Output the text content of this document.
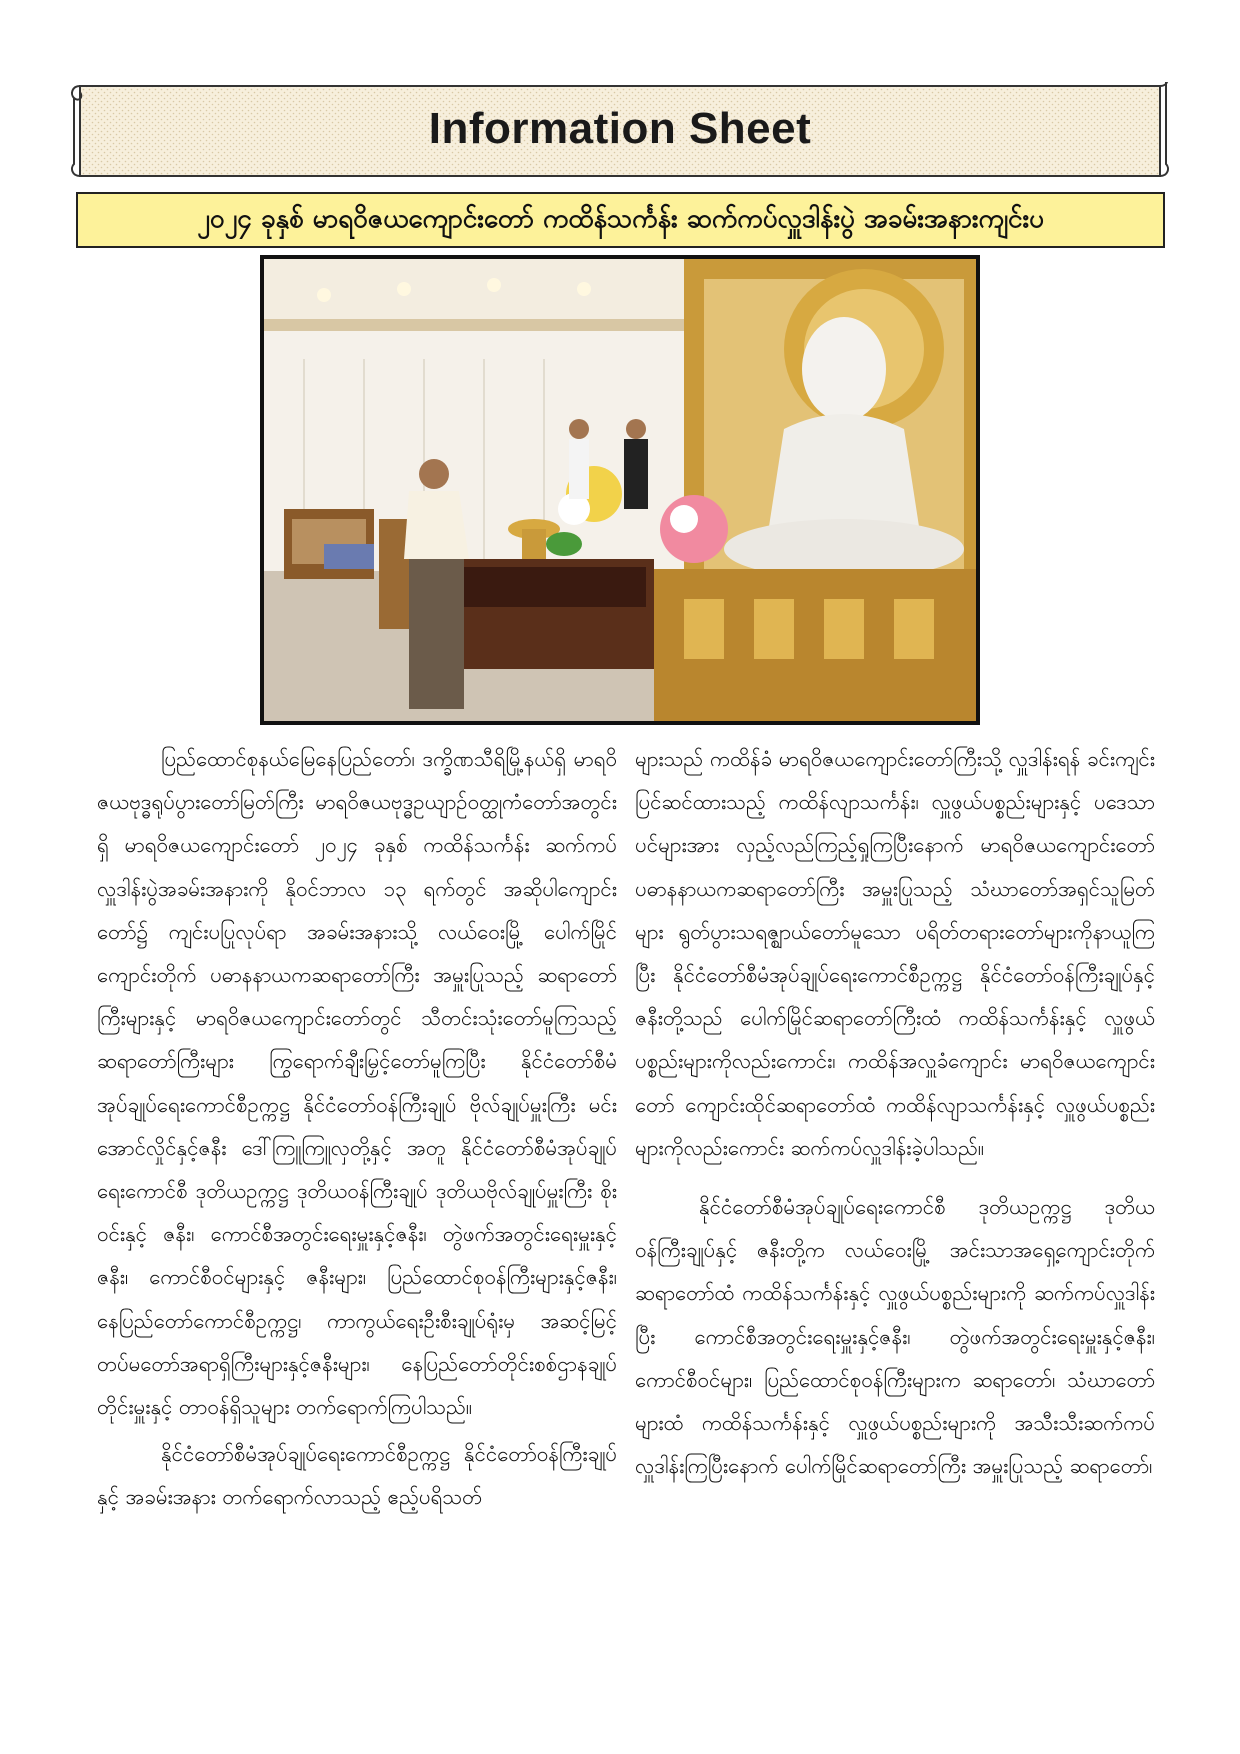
Information Sheet
၂၀၂၄ ခုနှစ် မာရဝိဇယကျောင်းတော် ကထိန်သင်္ကန်း ဆက်ကပ်လှူဒါန်းပွဲ အခမ်းအနားကျင်းပ

ပြည်ထောင်စုနယ်မြေနေပြည်တော်၊ ဒက္ခိဏသီရိမြို့နယ်ရှိ မာရဝိဇယဗုဒ္ဓရုပ်ပွားတော်မြတ်ကြီး မာရဝိဇယဗုဒ္ဓဥယျာဉ်ဝတ္ထုကံတော်အတွင်းရှိ မာရဝိဇယကျောင်းတော် ၂၀၂၄ ခုနှစ် ကထိန်သင်္ကန်း ဆက်ကပ်လှူဒါန်းပွဲအခမ်းအနားကို နိုဝင်ဘာလ ၁၃ ရက်တွင် အဆိုပါကျောင်းတော်၌ ကျင်းပပြုလုပ်ရာ အခမ်းအနားသို့ လယ်ဝေးမြို့ ပေါက်မြိုင်ကျောင်းတိုက် ပဓာနနာယကဆရာတော်ကြီး အမှူးပြုသည့် ဆရာတော်ကြီးများနှင့် မာရဝိဇယကျောင်းတော်တွင် သီတင်းသုံးတော်မူကြသည့် ဆရာတော်ကြီးများ ကြွရောက်ချီးမြှင့်တော်မူကြပြီး နိုင်ငံတော်စီမံအုပ်ချုပ်ရေးကောင်စီဥက္ကဋ္ဌ နိုင်ငံတော်ဝန်ကြီးချုပ် ဗိုလ်ချုပ်မှူးကြီး မင်းအောင်လှိုင်နှင့်ဇနီး ဒေါ်ကြူကြူလှတို့နှင့် အတူ နိုင်ငံတော်စီမံအုပ်ချုပ်ရေးကောင်စီ ဒုတိယဥက္ကဋ္ဌ ဒုတိယဝန်ကြီးချုပ် ဒုတိယဗိုလ်ချုပ်မှူးကြီး စိုးဝင်းနှင့် ဇနီး၊ ကောင်စီအတွင်းရေးမှူးနှင့်ဇနီး၊ တွဲဖက်အတွင်းရေးမှူးနှင့် ဇနီး၊ ကောင်စီဝင်များနှင့် ဇနီးများ၊ ပြည်ထောင်စုဝန်ကြီးများနှင့်ဇနီး၊ နေပြည်တော်ကောင်စီဥက္ကဋ္ဌ၊ ကာကွယ်ရေးဦးစီးချုပ်ရုံးမှ အဆင့်မြင့်တပ်မတော်အရာရှိကြီးများနှင့်ဇနီးများ၊ နေပြည်တော်တိုင်းစစ်ဌာနချုပ်တိုင်းမှူးနှင့် တာဝန်ရှိသူများ တက်ရောက်ကြပါသည်။

နိုင်ငံတော်စီမံအုပ်ချုပ်ရေးကောင်စီဥက္ကဋ္ဌ နိုင်ငံတော်ဝန်ကြီးချုပ်နှင့် အခမ်းအနား တက်ရောက်လာသည့် ဧည့်ပရိသတ်

များသည် ကထိန်ခံ မာရဝိဇယကျောင်းတော်ကြီးသို့ လှူဒါန်းရန် ခင်းကျင်းပြင်ဆင်ထားသည့် ကထိန်လျာသင်္ကန်း၊ လှူဖွယ်ပစ္စည်းများနှင့် ပဒေသာပင်များအား လှည့်လည်ကြည့်ရှုကြပြီးနောက် မာရဝိဇယကျောင်းတော် ပဓာနနာယကဆရာတော်ကြီး အမှူးပြုသည့် သံဃာတော်အရှင်သူမြတ်များ ရွတ်ပွားသရဇ္ဈာယ်တော်မူသော ပရိတ်တရားတော်များကိုနာယူကြပြီး နိုင်ငံတော်စီမံအုပ်ချုပ်ရေးကောင်စီဥက္ကဋ္ဌ နိုင်ငံတော်ဝန်ကြီးချုပ်နှင့် ဇနီးတို့သည် ပေါက်မြိုင်ဆရာတော်ကြီးထံ ကထိန်သင်္ကန်းနှင့် လှူဖွယ်ပစ္စည်းများကိုလည်းကောင်း၊ ကထိန်အလှူခံကျောင်း မာရဝိဇယကျောင်းတော် ကျောင်းထိုင်ဆရာတော်ထံ ကထိန်လျာသင်္ကန်းနှင့် လှူဖွယ်ပစ္စည်းများကိုလည်းကောင်း ဆက်ကပ်လှူဒါန်းခဲ့ပါသည်။

နိုင်ငံတော်စီမံအုပ်ချုပ်ရေးကောင်စီ ဒုတိယဥက္ကဋ္ဌ ဒုတိယဝန်ကြီးချုပ်နှင့် ဇနီးတို့က လယ်ဝေးမြို့ အင်းသာအရှေ့ကျောင်းတိုက်ဆရာတော်ထံ ကထိန်သင်္ကန်းနှင့် လှူဖွယ်ပစ္စည်းများကို ဆက်ကပ်လှူဒါန်းပြီး ကောင်စီအတွင်းရေးမှူးနှင့်ဇနီး၊ တွဲဖက်အတွင်းရေးမှူးနှင့်ဇနီး၊ ကောင်စီဝင်များ၊ ပြည်ထောင်စုဝန်ကြီးများက ဆရာတော်၊ သံဃာတော်များထံ ကထိန်သင်္ကန်းနှင့် လှူဖွယ်ပစ္စည်းများကို အသီးသီးဆက်ကပ်လှူဒါန်းကြပြီးနောက် ပေါက်မြိုင်ဆရာတော်ကြီး အမှူးပြုသည့် ဆရာတော်၊
